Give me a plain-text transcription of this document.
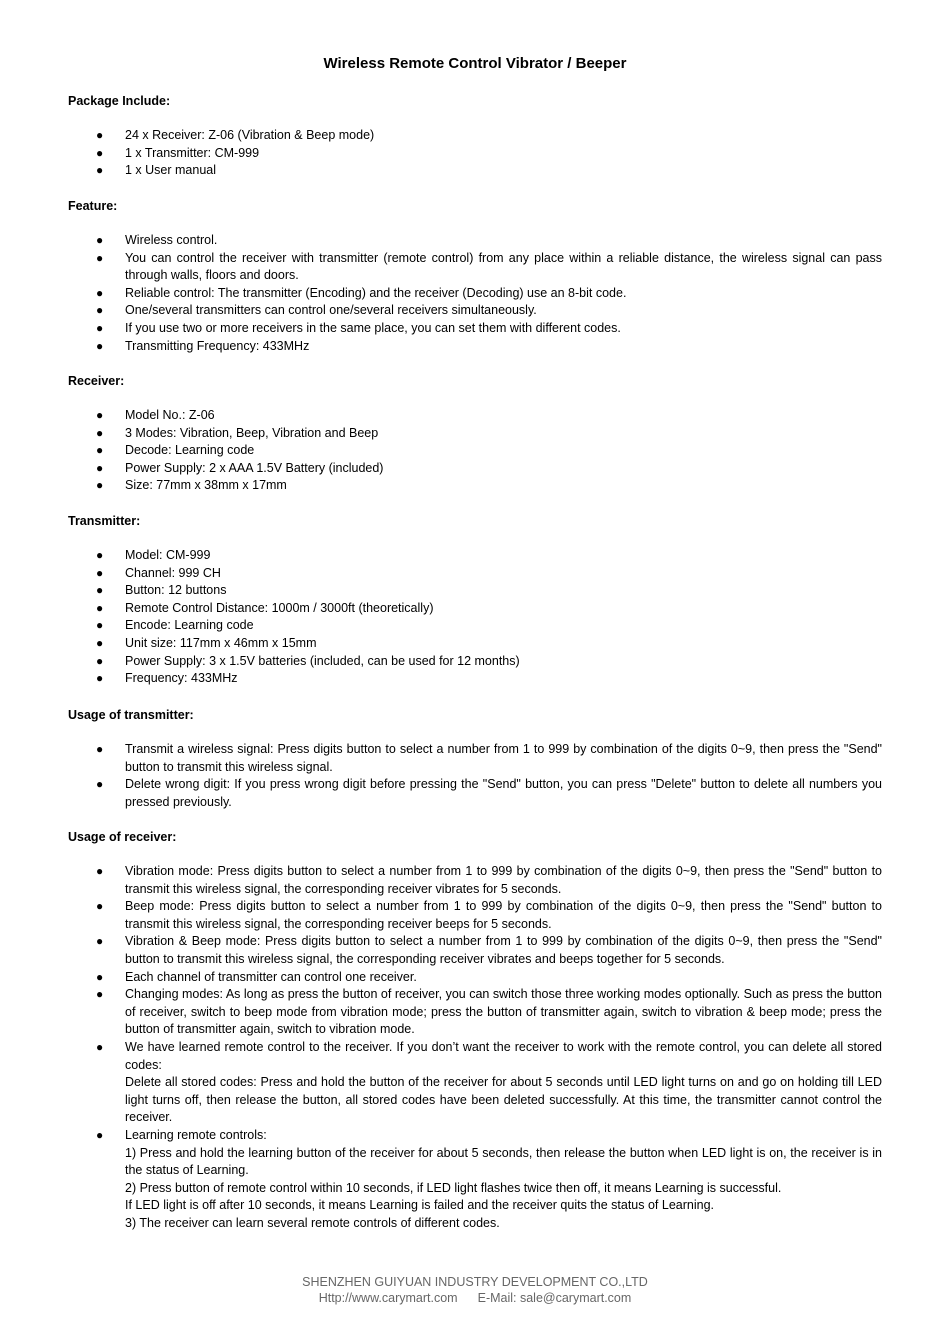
Wireless Remote Control Vibrator / Beeper
Package Include:
● 24 x Receiver: Z-06 (Vibration & Beep mode)
● 1 x Transmitter: CM-999
● 1 x User manual
Feature:
● Wireless control.
● You can control the receiver with transmitter (remote control) from any place within a reliable distance, the wireless signal can pass through walls, floors and doors.
● Reliable control: The transmitter (Encoding) and the receiver (Decoding) use an 8-bit code.
● One/several transmitters can control one/several receivers simultaneously.
● If you use two or more receivers in the same place, you can set them with different codes.
● Transmitting Frequency: 433MHz
Receiver:
● Model No.: Z-06
● 3 Modes: Vibration, Beep, Vibration and Beep
● Decode: Learning code
● Power Supply: 2 x AAA 1.5V Battery (included)
● Size: 77mm x 38mm x 17mm
Transmitter:
● Model: CM-999
● Channel: 999 CH
● Button: 12 buttons
● Remote Control Distance: 1000m / 3000ft (theoretically)
● Encode: Learning code
● Unit size: 117mm x 46mm x 15mm
● Power Supply: 3 x 1.5V batteries (included, can be used for 12 months)
● Frequency: 433MHz
Usage of transmitter:
● Transmit a wireless signal: Press digits button to select a number from 1 to 999 by combination of the digits 0~9, then press the "Send" button to transmit this wireless signal.
● Delete wrong digit: If you press wrong digit before pressing the "Send" button, you can press "Delete" button to delete all numbers you pressed previously.
Usage of receiver:
● Vibration mode: Press digits button to select a number from 1 to 999 by combination of the digits 0~9, then press the "Send" button to transmit this wireless signal, the corresponding receiver vibrates for 5 seconds.
● Beep mode: Press digits button to select a number from 1 to 999 by combination of the digits 0~9, then press the "Send" button to transmit this wireless signal, the corresponding receiver beeps for 5 seconds.
● Vibration & Beep mode: Press digits button to select a number from 1 to 999 by combination of the digits 0~9, then press the "Send" button to transmit this wireless signal, the corresponding receiver vibrates and beeps together for 5 seconds.
● Each channel of transmitter can control one receiver.
● Changing modes: As long as press the button of receiver, you can switch those three working modes optionally. Such as press the button of receiver, switch to beep mode from vibration mode; press the button of transmitter again, switch to vibration & beep mode; press the button of transmitter again, switch to vibration mode.
● We have learned remote control to the receiver. If you don’t want the receiver to work with the remote control, you can delete all stored codes:
Delete all stored codes: Press and hold the button of the receiver for about 5 seconds until LED light turns on and go on holding till LED light turns off, then release the button, all stored codes have been deleted successfully. At this time, the transmitter cannot control the receiver.
● Learning remote controls:
1) Press and hold the learning button of the receiver for about 5 seconds, then release the button when LED light is on, the receiver is in the status of Learning.
2) Press button of remote control within 10 seconds, if LED light flashes twice then off, it means Learning is successful.
If LED light is off after 10 seconds, it means Learning is failed and the receiver quits the status of Learning.
3) The receiver can learn several remote controls of different codes.
SHENZHEN GUIYUAN INDUSTRY DEVELOPMENT CO.,LTD
Http://www.carymart.com E-Mail: sale@carymart.com
